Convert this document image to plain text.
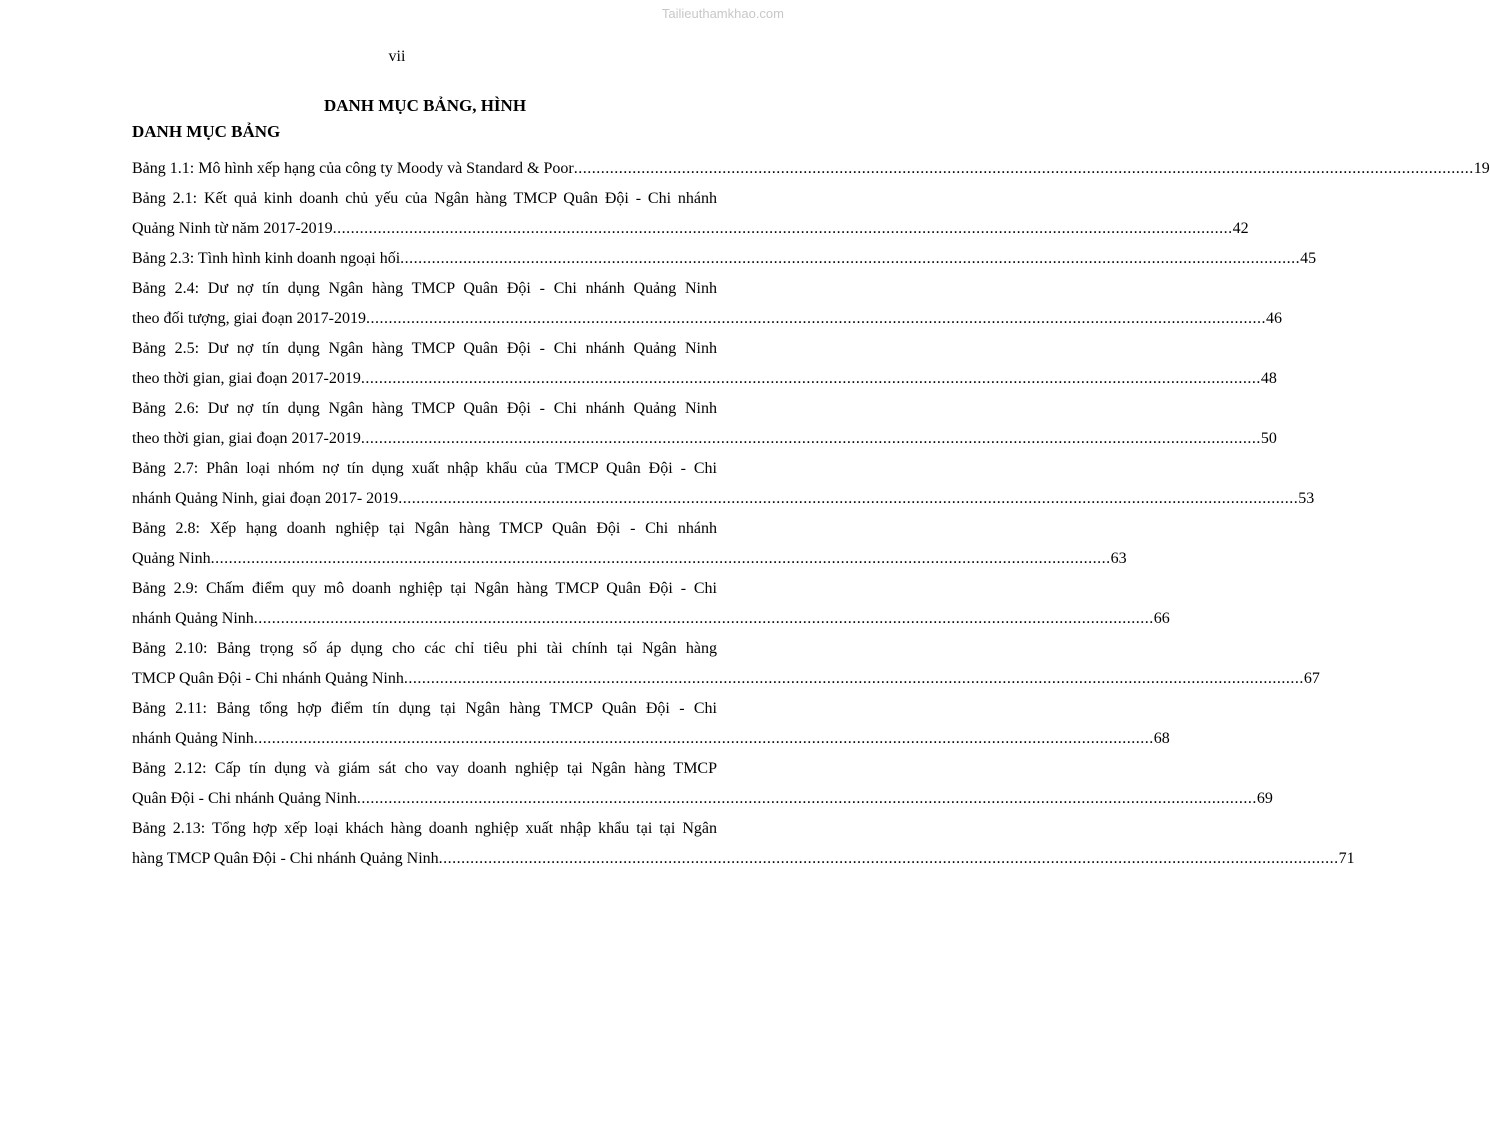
Tailieuthamkhao.com
vii
DANH MỤC BẢNG, HÌNH
DANH MỤC BẢNG
Bảng 1.1: Mô hình xếp hạng của công ty Moody và Standard & Poor ........................................................................................................................................................................................................ 19
Bảng 2.1: Kết quả kinh doanh chủ yếu của Ngân hàng TMCP Quân Đội - Chi nhánh
Quảng Ninh từ năm 2017-2019 ........................................................................................................................................................................................................ 42
Bảng 2.3: Tình hình kinh doanh ngoại hối ........................................................................................................................................................................................................ 45
Bảng 2.4: Dư nợ tín dụng Ngân hàng TMCP Quân Đội - Chi nhánh Quảng Ninh
theo đối tượng, giai đoạn 2017-2019 ........................................................................................................................................................................................................ 46
Bảng 2.5: Dư nợ tín dụng Ngân hàng TMCP Quân Đội - Chi nhánh Quảng Ninh
theo thời gian, giai đoạn 2017-2019 ........................................................................................................................................................................................................ 48
Bảng 2.6: Dư nợ tín dụng Ngân hàng TMCP Quân Đội - Chi nhánh Quảng Ninh
theo thời gian, giai đoạn 2017-2019 ........................................................................................................................................................................................................ 50
Bảng 2.7: Phân loại nhóm nợ tín dụng xuất nhập khẩu của TMCP Quân Đội - Chi
nhánh Quảng Ninh, giai đoạn 2017- 2019 ........................................................................................................................................................................................................ 53
Bảng 2.8: Xếp hạng doanh nghiệp tại Ngân hàng TMCP Quân Đội - Chi nhánh
Quảng Ninh ........................................................................................................................................................................................................ 63
Bảng 2.9: Chấm điểm quy mô doanh nghiệp tại Ngân hàng TMCP Quân Đội - Chi
nhánh Quảng Ninh ........................................................................................................................................................................................................ 66
Bảng 2.10: Bảng trọng số áp dụng cho các chỉ tiêu phi tài chính tại Ngân hàng
TMCP Quân Đội - Chi nhánh Quảng Ninh ........................................................................................................................................................................................................ 67
Bảng 2.11: Bảng tổng hợp điểm tín dụng tại Ngân hàng TMCP Quân Đội - Chi
nhánh Quảng Ninh ........................................................................................................................................................................................................ 68
Bảng 2.12: Cấp tín dụng và giám sát cho vay doanh nghiệp tại Ngân hàng TMCP
Quân Đội - Chi nhánh Quảng Ninh ........................................................................................................................................................................................................ 69
Bảng 2.13: Tổng hợp xếp loại khách hàng doanh nghiệp xuất nhập khẩu tại tại Ngân
hàng TMCP Quân Đội - Chi nhánh Quảng Ninh ........................................................................................................................................................................................................ 71
